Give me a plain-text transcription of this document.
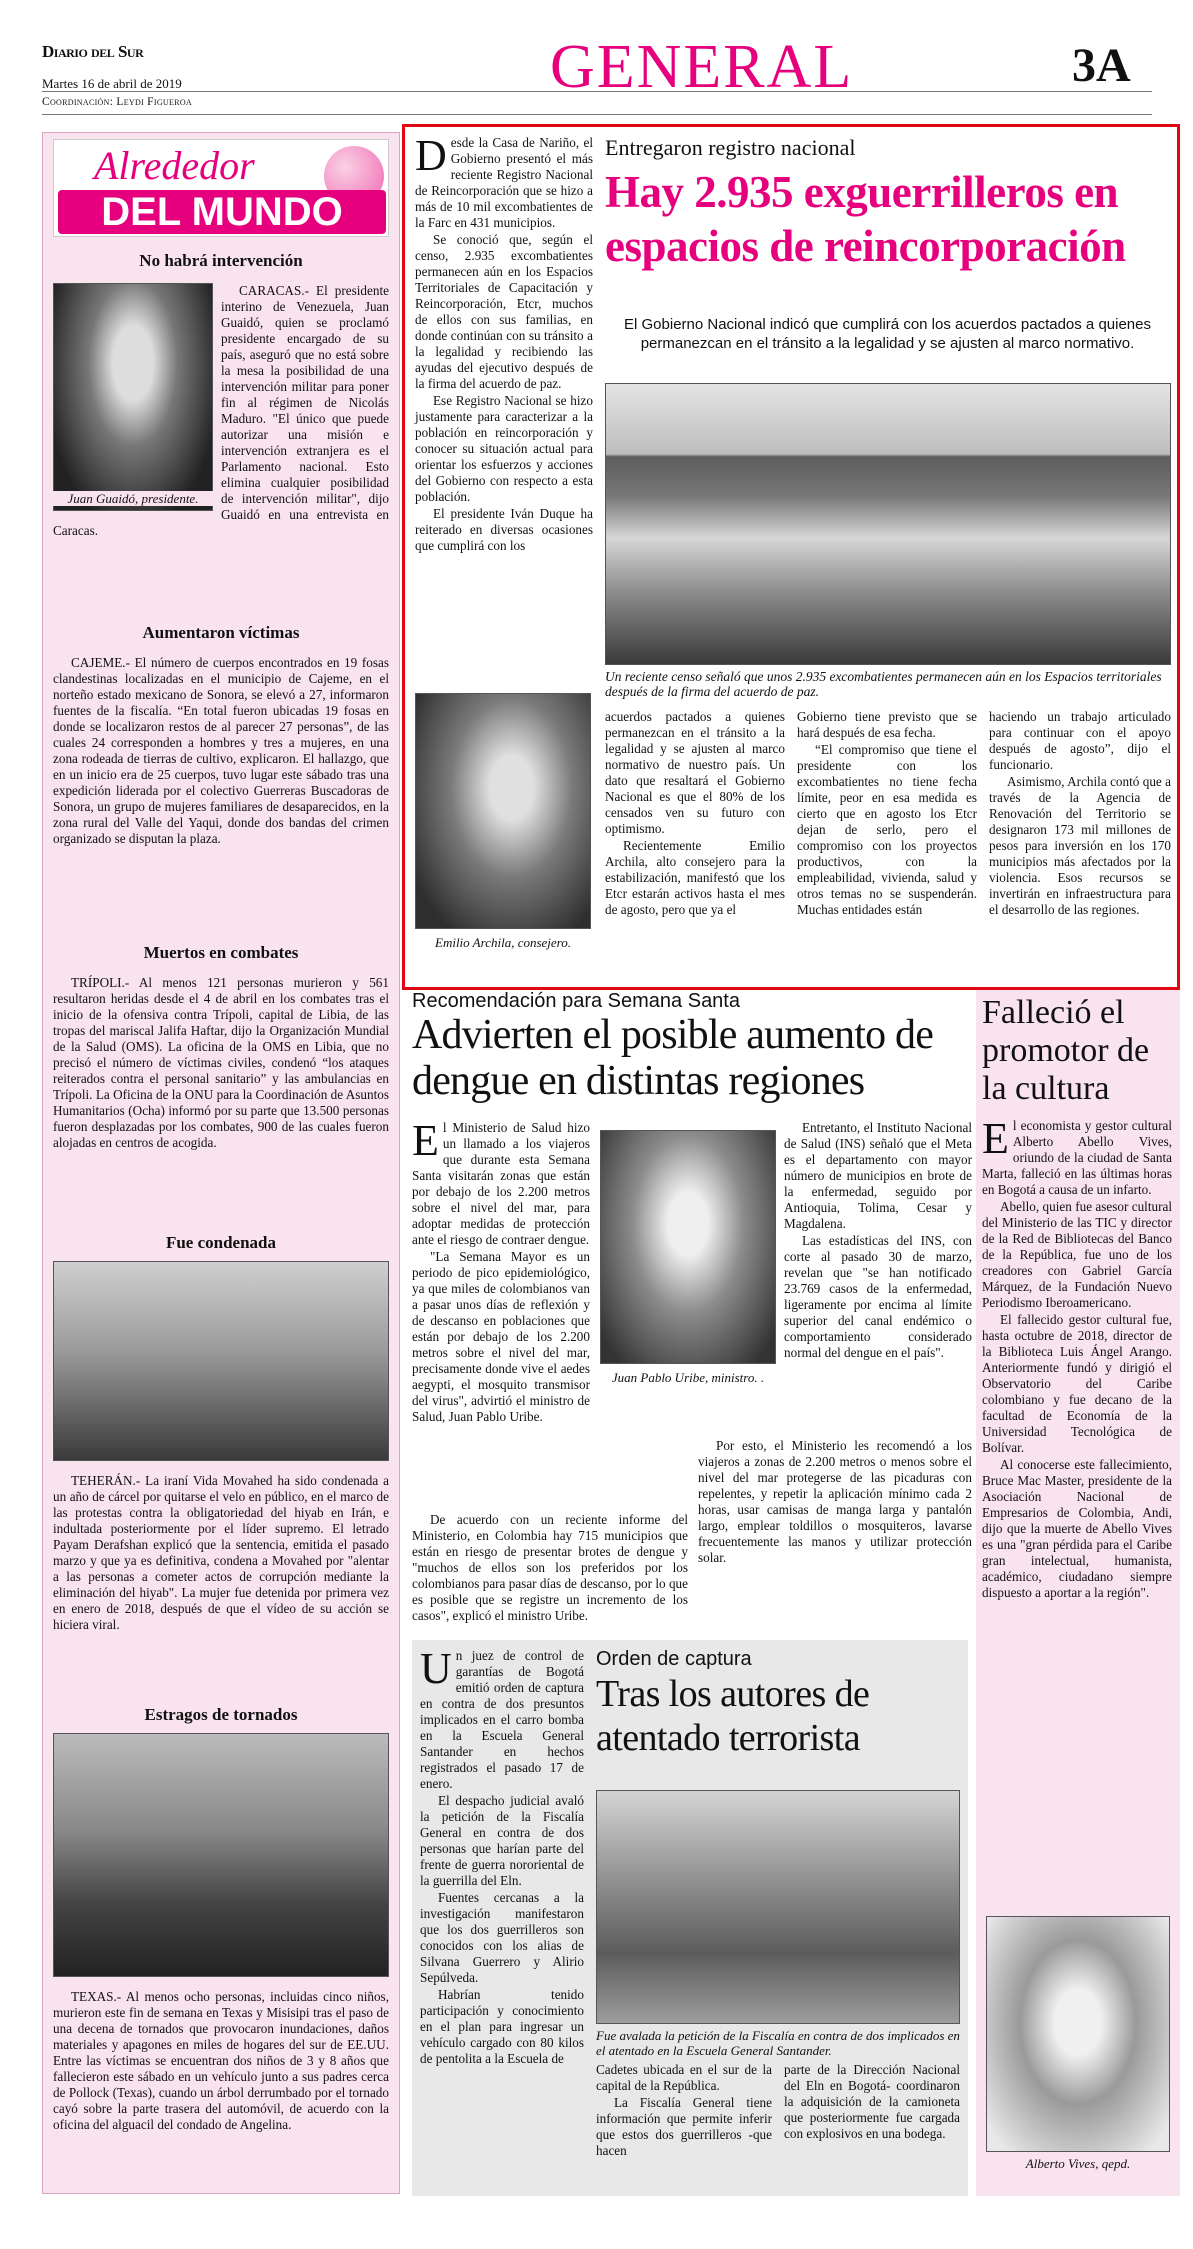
Diario del Sur
Martes 16 de abril de 2019
Coordinación: Leydi Figueroa
GENERAL	3A
Alrededor
DEL MUNDO
No habrá intervención

CARACAS.- El presidente interino de Venezuela, Juan Guaidó, quien se proclamó presidente encargado de su país, aseguró que no está sobre la mesa la posibilidad de una intervención militar para poner fin al régimen de Nicolás Maduro. "El único que puede autorizar una misión e intervención extranjera es el Parlamento nacional. Esto elimina cualquier posibilidad de intervención militar", dijo Guaidó en una entrevista en Caracas.

Juan Guaidó, presidente.
Aumentaron víctimas

CAJEME.- El número de cuerpos encontrados en 19 fosas clandestinas localizadas en el municipio de Cajeme, en el norteño estado mexicano de Sonora, se elevó a 27, informaron fuentes de la fiscalía. “En total fueron ubicadas 19 fosas en donde se localizaron restos de al parecer 27 personas”, de las cuales 24 corresponden a hombres y tres a mujeres, en una zona rodeada de tierras de cultivo, explicaron. El hallazgo, que en un inicio era de 25 cuerpos, tuvo lugar este sábado tras una expedición liderada por el colectivo Guerreras Buscadoras de Sonora, un grupo de mujeres familiares de desaparecidos, en la zona rural del Valle del Yaqui, donde dos bandas del crimen organizado se disputan la plaza.

Muertos en combates

TRÍPOLI.- Al menos 121 personas murieron y 561 resultaron heridas desde el 4 de abril en los combates tras el inicio de la ofensiva contra Trípoli, capital de Libia, de las tropas del mariscal Jalifa Haftar, dijo la Organización Mundial de la Salud (OMS). La oficina de la OMS en Libia, que no precisó el número de víctimas civiles, condenó “los ataques reiterados contra el personal sanitario” y las ambulancias en Trípoli. La Oficina de la ONU para la Coordinación de Asuntos Humanitarios (Ocha) informó por su parte que 13.500 personas fueron desplazadas por los combates, 900 de las cuales fueron alojadas en centros de acogida.

Fue condenada

TEHERÁN.- La iraní Vida Movahed ha sido condenada a un año de cárcel por quitarse el velo en público, en el marco de las protestas contra la obligatoriedad del hiyab en Irán, e indultada posteriormente por el líder supremo. El letrado Payam Derafshan explicó que la sentencia, emitida el pasado marzo y que ya es definitiva, condena a Movahed por "alentar a las personas a cometer actos de corrupción mediante la eliminación del hiyab". La mujer fue detenida por primera vez en enero de 2018, después de que el vídeo de su acción se hiciera viral.

Estragos de tornados

TEXAS.- Al menos ocho personas, incluidas cinco niños, murieron este fin de semana en Texas y Misisipi tras el paso de una decena de tornados que provocaron inundaciones, daños materiales y apagones en miles de hogares del sur de EE.UU. Entre las víctimas se encuentran dos niños de 3 y 8 años que fallecieron este sábado en un vehículo junto a sus padres cerca de Pollock (Texas), cuando un árbol derrumbado por el tornado cayó sobre la parte trasera del automóvil, de acuerdo con la oficina del alguacil del condado de Angelina.

D esde la Casa de Nariño, el Gobierno presentó el más reciente Registro Nacional de Reincorporación que se hizo a más de 10 mil excombatientes de la Farc en 431 municipios.

Se conoció que, según el censo, 2.935 excombatientes permanecen aún en los Espacios Territoriales de Capacitación y Reincorporación, Etcr, muchos de ellos con sus familias, en donde continúan con su tránsito a la legalidad y recibiendo las ayudas del ejecutivo después de la firma del acuerdo de paz.

Ese Registro Nacional se hizo justamente para caracterizar a la población en reincorporación y conocer su situación actual para orientar los esfuerzos y acciones del Gobierno con respecto a esta población.

El presidente Iván Duque ha reiterado en diversas ocasiones que cumplirá con los

Emilio Archila, consejero.
Entregaron registro nacional
Hay 2.935 exguerrilleros en espacios de reincorporación
El Gobierno Nacional indicó que cumplirá con los acuerdos pactados a quienes permanezcan en el tránsito a la legalidad y se ajusten al marco normativo.
Un reciente censo señaló que unos 2.935 excombatientes permanecen aún en los Espacios territoriales después de la firma del acuerdo de paz.

acuerdos pactados a quienes permanezcan en el tránsito a la legalidad y se ajusten al marco normativo de nuestro país. Un dato que resaltará el Gobierno Nacional es que el 80% de los censados ven su futuro con optimismo.

Recientemente Emilio Archila, alto consejero para la estabilización, manifestó que los Etcr estarán activos hasta el mes de agosto, pero que ya el

Gobierno tiene previsto que se hará después de esa fecha.

“El compromiso que tiene el presidente con los excombatientes no tiene fecha límite, peor en esa medida es cierto que en agosto los Etcr dejan de serlo, pero el compromiso con los proyectos productivos, con la empleabilidad, vivienda, salud y otros temas no se suspenderán. Muchas entidades están

haciendo un trabajo articulado para continuar con el apoyo después de agosto”, dijo el funcionario.

Asimismo, Archila contó que a través de la Agencia de Renovación del Territorio se designaron 173 mil millones de pesos para inversión en los 170 municipios más afectados por la violencia. Esos recursos se invertirán en infraestructura para el desarrollo de las regiones.

Recomendación para Semana Santa
Advierten el posible aumento de dengue en distintas regiones
E l Ministerio de Salud hizo un llamado a los viajeros que durante esta Semana Santa visitarán zonas que están por debajo de los 2.200 metros sobre el nivel del mar, para adoptar medidas de protección ante el riesgo de contraer dengue.

"La Semana Mayor es un periodo de pico epidemiológico, ya que miles de colombianos van a pasar unos días de reflexión y de descanso en poblaciones que están por debajo de los 2.200 metros sobre el nivel del mar, precisamente donde vive el aedes aegypti, el mosquito transmisor del virus", advirtió el ministro de Salud, Juan Pablo Uribe.

De acuerdo con un reciente informe del Ministerio, en Colombia hay 715 municipios que están en riesgo de presentar brotes de dengue y "muchos de ellos son los preferidos por los colombianos para pasar días de descanso, por lo que es posible que se registre un incremento de los casos", explicó el ministro Uribe.

Juan Pablo Uribe, ministro. .

Entretanto, el Instituto Nacional de Salud (INS) señaló que el Meta es el departamento con mayor número de municipios en brote de la enfermedad, seguido por Antioquia, Tolima, Cesar y Magdalena.

Las estadísticas del INS, con corte al pasado 30 de marzo, revelan que "se han notificado 23.769 casos de la enfermedad, ligeramente por encima al límite superior del canal endémico o comportamiento considerado normal del dengue en el país".

Por esto, el Ministerio les recomendó a los viajeros a zonas de 2.200 metros o menos sobre el nivel del mar protegerse de las picaduras con repelentes, y repetir la aplicación mínimo cada 2 horas, usar camisas de manga larga y pantalón largo, emplear toldillos o mosquiteros, lavarse frecuentemente las manos y utilizar protección solar.

U n juez de control de garantías de Bogotá emitió orden de captura en contra de dos presuntos implicados en el carro bomba en la Escuela General Santander en hechos registrados el pasado 17 de enero.

El despacho judicial avaló la petición de la Fiscalía General en contra de dos personas que harían parte del frente de guerra nororiental de la guerrilla del Eln.

Fuentes cercanas a la investigación manifestaron que los dos guerrilleros son conocidos con los alias de Silvana Guerrero y Alirio Sepúlveda.

Habrían tenido participación y conocimiento en el plan para ingresar un vehículo cargado con 80 kilos de pentolita a la Escuela de

Orden de captura
Tras los autores de atentado terrorista
Fue avalada la petición de la Fiscalía en contra de dos implicados en el atentado en la Escuela General Santander.

Cadetes ubicada en el sur de la capital de la República.

La Fiscalía General tiene información que permite inferir que estos dos guerrilleros -que hacen

parte de la Dirección Nacional del Eln en Bogotá- coordinaron la adquisición de la camioneta que posteriormente fue cargada con explosivos en una bodega.

Falleció el promotor de la cultura
E l economista y gestor cultural Alberto Abello Vives, oriundo de la ciudad de Santa Marta, falleció en las últimas horas en Bogotá a causa de un infarto.

Abello, quien fue asesor cultural del Ministerio de las TIC y director de la Red de Bibliotecas del Banco de la República, fue uno de los creadores con Gabriel García Márquez, de la Fundación Nuevo Periodismo Iberoamericano.

El fallecido gestor cultural fue, hasta octubre de 2018, director de la Biblioteca Luis Ángel Arango. Anteriormente fundó y dirigió el Observatorio del Caribe colombiano y fue decano de la facultad de Economía de la Universidad Tecnológica de Bolívar.

Al conocerse este fallecimiento, Bruce Mac Master, presidente de la Asociación Nacional de Empresarios de Colombia, Andi, dijo que la muerte de Abello Vives es una "gran pérdida para el Caribe gran intelectual, humanista, académico, ciudadano siempre dispuesto a aportar a la región".

Alberto Vives, qepd.
